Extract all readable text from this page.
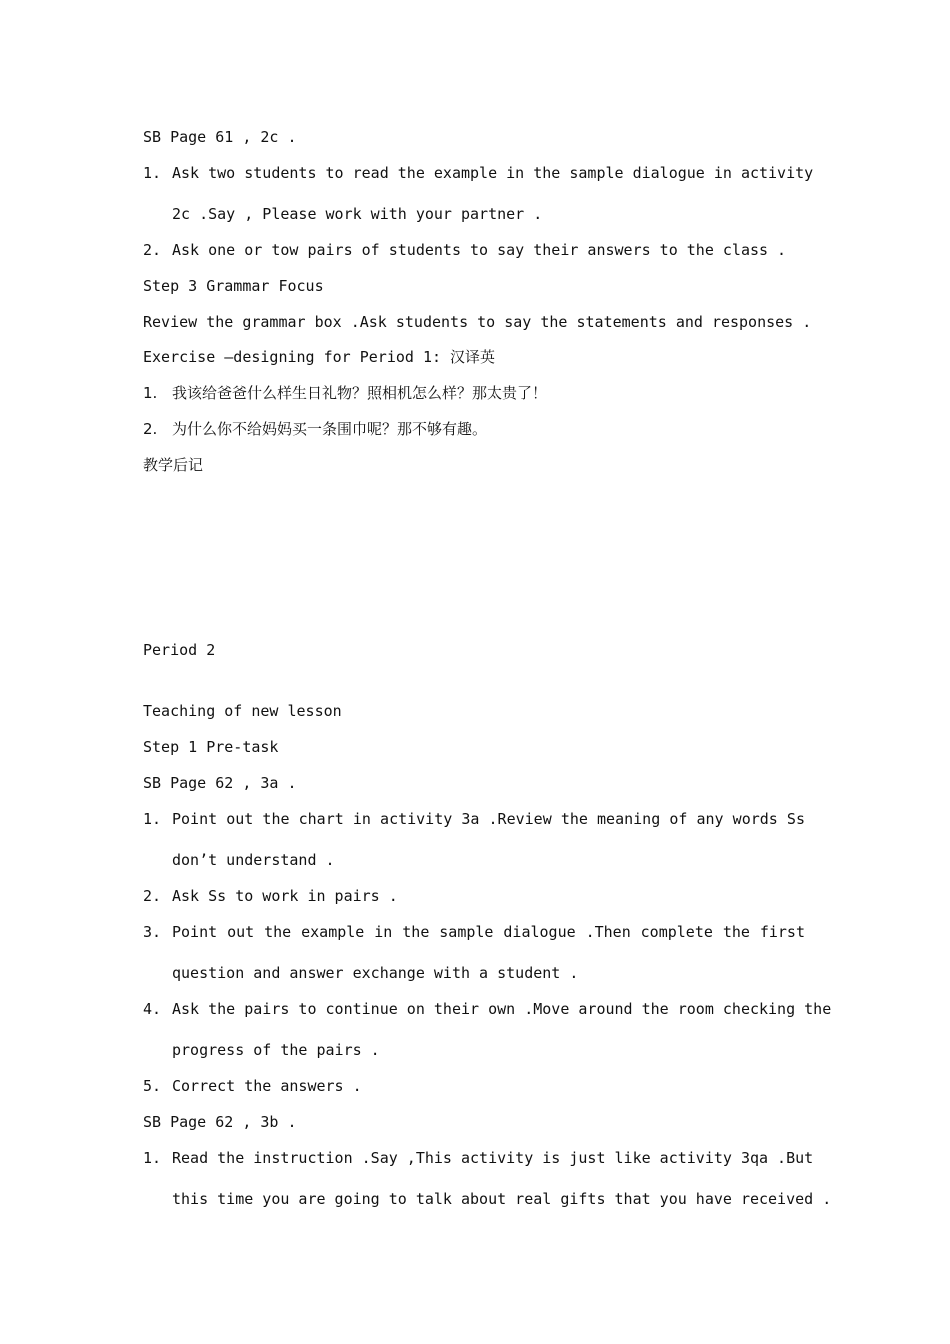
SB Page 61 , 2c .
1. Ask two students to read the example in the sample dialogue in activity
2c .Say , Please work with your partner .
2. Ask one or tow pairs of students to say their answers to the class .
Step 3 Grammar Focus
Review the grammar box .Ask students to say the statements and responses .
Exercise –designing for Period 1: 汉译英
1. 我该给爸爸什么样生日礼物？照相机怎么样？那太贵了！
2. 为什么你不给妈妈买一条围巾呢？那不够有趣。
教学后记
Period 2
Teaching of new lesson
Step 1 Pre-task
SB Page 62 , 3a .
1. Point out the chart in activity 3a .Review the meaning of any words Ss
don’t understand .
2. Ask Ss to work in pairs .
3. Point out the example in the sample dialogue .Then complete the first
question and answer exchange with a student .
4. Ask the pairs to continue on their own .Move around the room checking the
progress of the pairs .
5. Correct the answers .
SB Page 62 , 3b .
1. Read the instruction .Say ,This activity is just like activity 3qa .But
this time you are going to talk about real gifts that you have received .
